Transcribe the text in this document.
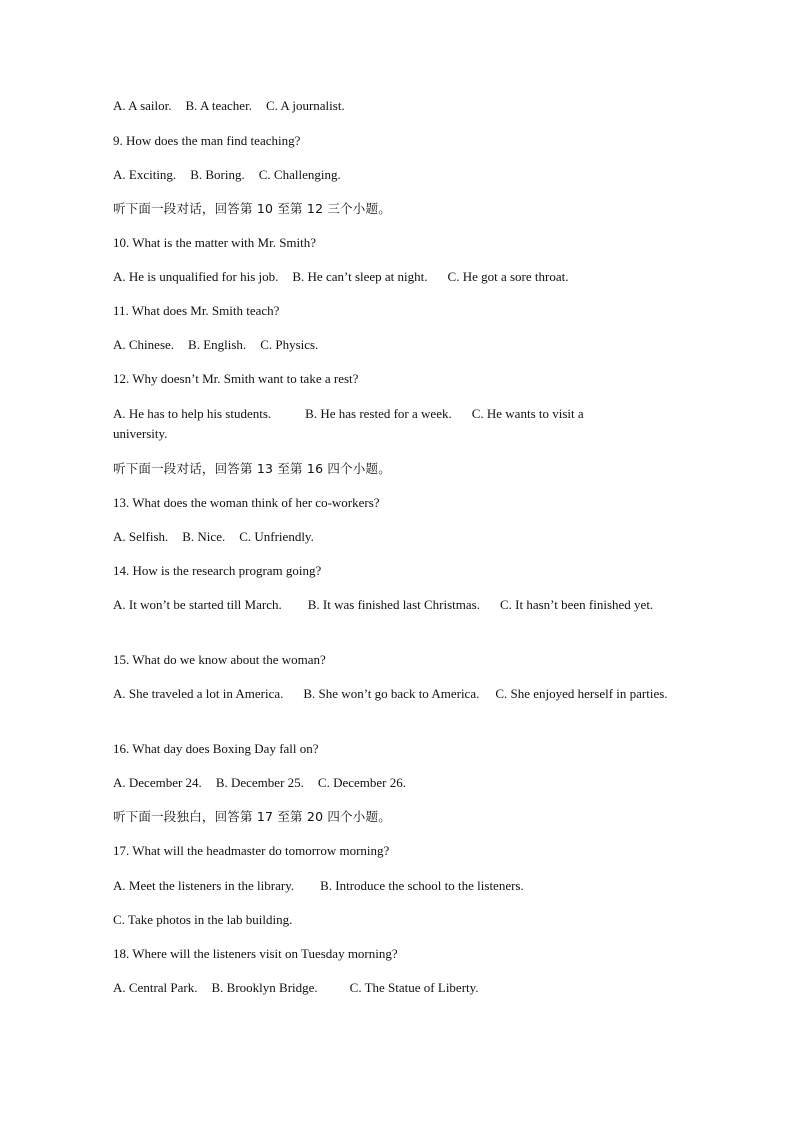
A. A sailor. B. A teacher. C. A journalist.
9. How does the man find teaching?
A. Exciting. B. Boring. C. Challenging.
听下面一段对话，回答第 10 至第 12 三个小题。
10. What is the matter with Mr. Smith?
A. He is unqualified for his job. B. He can’t sleep at night. C. He got a sore throat.
11. What does Mr. Smith teach?
A. Chinese. B. English. C. Physics.
12. Why doesn’t Mr. Smith want to take a rest?
A. He has to help his students.	B. He has rested for a week. C. He wants to visit a university.
听下面一段对话，回答第 13 至第 16 四个小题。
13. What does the woman think of her co-workers?
A. Selfish. B. Nice. C. Unfriendly.
14. How is the research program going?
A. It won’t be started till March. B. It was finished last Christmas. C. It hasn’t been finished yet.
15. What do we know about the woman?
A. She traveled a lot in America. B. She won’t go back to America. C. She enjoyed herself in parties.
16. What day does Boxing Day fall on?
A. December 24. B. December 25. C. December 26.
听下面一段独白，回答第 17 至第 20 四个小题。
17. What will the headmaster do tomorrow morning?
A. Meet the listeners in the library. B. Introduce the school to the listeners.
C. Take photos in the lab building.
18. Where will the listeners visit on Tuesday morning?
A. Central Park. B. Brooklyn Bridge. C. The Statue of Liberty.
